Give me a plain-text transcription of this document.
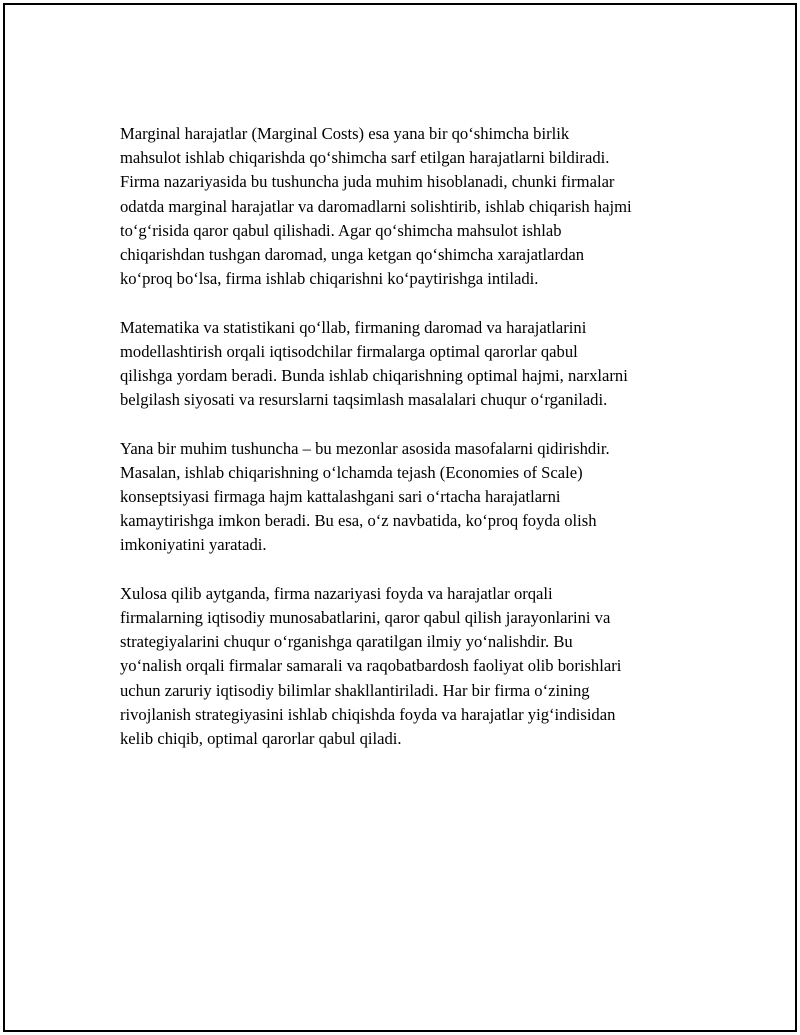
Marginal harajatlar (Marginal Costs) esa yana bir qo‘shimcha birlik
mahsulot ishlab chiqarishda qo‘shimcha sarf etilgan harajatlarni bildiradi.
Firma nazariyasida bu tushuncha juda muhim hisoblanadi, chunki firmalar
odatda marginal harajatlar va daromadlarni solishtirib, ishlab chiqarish hajmi
to‘g‘risida qaror qabul qilishadi. Agar qo‘shimcha mahsulot ishlab
chiqarishdan tushgan daromad, unga ketgan qo‘shimcha xarajatlardan
ko‘proq bo‘lsa, firma ishlab chiqarishni ko‘paytirishga intiladi.

Matematika va statistikani qo‘llab, firmaning daromad va harajatlarini
modellashtirish orqali iqtisodchilar firmalarga optimal qarorlar qabul
qilishga yordam beradi. Bunda ishlab chiqarishning optimal hajmi, narxlarni
belgilash siyosati va resurslarni taqsimlash masalalari chuqur o‘rganiladi.

Yana bir muhim tushuncha – bu mezonlar asosida masofalarni qidirishdir.
Masalan, ishlab chiqarishning o‘lchamda tejash (Economies of Scale)
konseptsiyasi firmaga hajm kattalashgani sari o‘rtacha harajatlarni
kamaytirishga imkon beradi. Bu esa, o‘z navbatida, ko‘proq foyda olish
imkoniyatini yaratadi.

Xulosa qilib aytganda, firma nazariyasi foyda va harajatlar orqali
firmalarning iqtisodiy munosabatlarini, qaror qabul qilish jarayonlarini va
strategiyalarini chuqur o‘rganishga qaratilgan ilmiy yo‘nalishdir. Bu
yo‘nalish orqali firmalar samarali va raqobatbardosh faoliyat olib borishlari
uchun zaruriy iqtisodiy bilimlar shakllantiriladi. Har bir firma o‘zining
rivojlanish strategiyasini ishlab chiqishda foyda va harajatlar yig‘indisidan
kelib chiqib, optimal qarorlar qabul qiladi.
